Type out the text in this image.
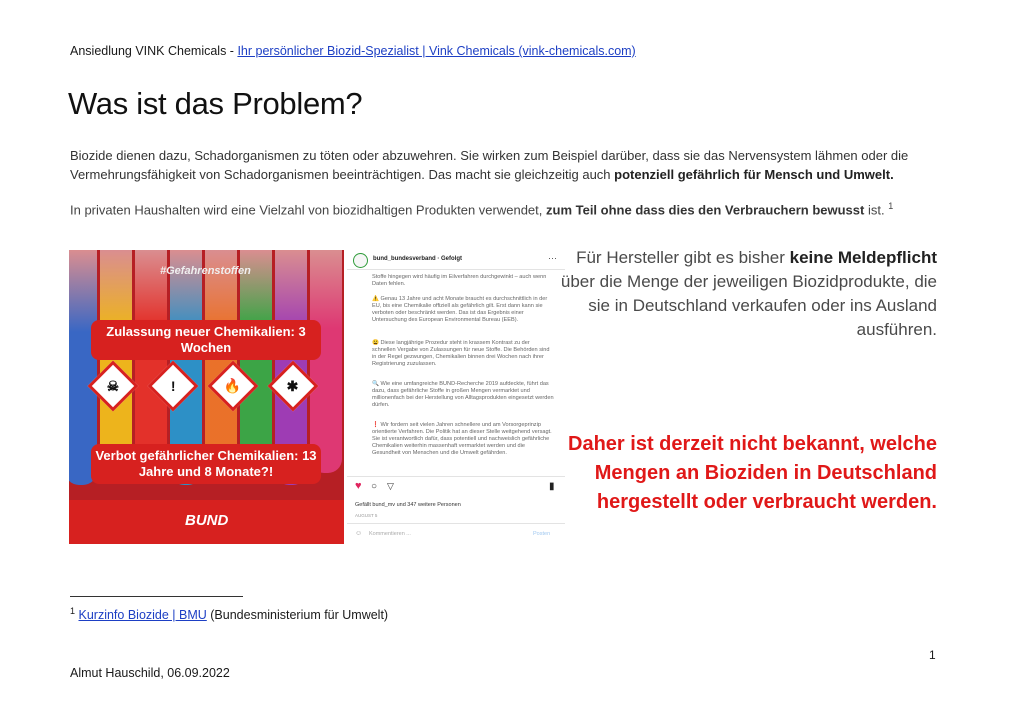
Ansiedlung VINK Chemicals - Ihr persönlicher Biozid-Spezialist | Vink Chemicals (vink-chemicals.com)
Was ist das Problem?
Biozide dienen dazu, Schadorganismen zu töten oder abzuwehren. Sie wirken zum Beispiel darüber, dass sie das Nervensystem lähmen oder die Vermehrungsfähigkeit von Schadorganismen beeinträchtigen. Das macht sie gleichzeitig auch potenziell gefährlich für Mensch und Umwelt.
In privaten Haushalten wird eine Vielzahl von biozidhaltigen Produkten verwendet, zum Teil ohne dass dies den Verbrauchern bewusst ist. $^1$
#Gefahrenstoffen
Zulassung neuer Chemikalien: 3 Wochen
☠	!	🔥	✱
Verbot gefährlicher Chemikalien: 13 Jahre und 8 Monate?!
BUND
bund_bundesverband · Gefolgt	···
Stoffe hingegen wird häufig im Eilverfahren durchgewinkt – auch wenn Daten fehlen.
⚠️ Genau 13 Jahre und acht Monate braucht es durchschnittlich in der EU, bis eine Chemikalie offiziell als gefährlich gilt. Erst dann kann sie verboten oder beschränkt werden. Das ist das Ergebnis einer Untersuchung des European Environmental Bureau (EEB).
😩 Diese langjährige Prozedur steht in krassem Kontrast zu der schnellen Vergabe von Zulassungen für neue Stoffe. Die Behörden sind in der Regel gezwungen, Chemikalien binnen drei Wochen nach ihrer Registrierung zuzulassen.
🔍 Wie eine umfangreiche BUND-Recherche 2019 aufdeckte, führt das dazu, dass gefährliche Stoffe in großen Mengen vermarktet und millionenfach bei der Herstellung von Alltagsprodukten eingesetzt werden dürfen.
❗ Wir fordern seit vielen Jahren schnellere und am Vorsorgeprinzip orientierte Verfahren. Die Politik hat an dieser Stelle weitgehend versagt. Sie ist verantwortlich dafür, dass potentiell und nachweislich gefährliche Chemikalien weiterhin massenhaft vermarktet werden und die Gesundheit von Menschen und die Umwelt gefährden.
♥ ○ ▽	▮
Gefällt bund_mv und 347 weitere Personen
AUGUST 5
☺ Kommentieren ...	Posten
Für Hersteller gibt es bisher keine Meldepflicht über die Menge der jeweiligen Biozidprodukte, die sie in Deutschland verkaufen oder ins Ausland ausführen.
Daher ist derzeit nicht bekannt, welche Mengen an Bioziden in Deutschland hergestellt oder verbraucht werden.
$^1$ Kurzinfo Biozide | BMU (Bundesministerium für Umwelt)
1
Almut Hauschild, 06.09.2022
